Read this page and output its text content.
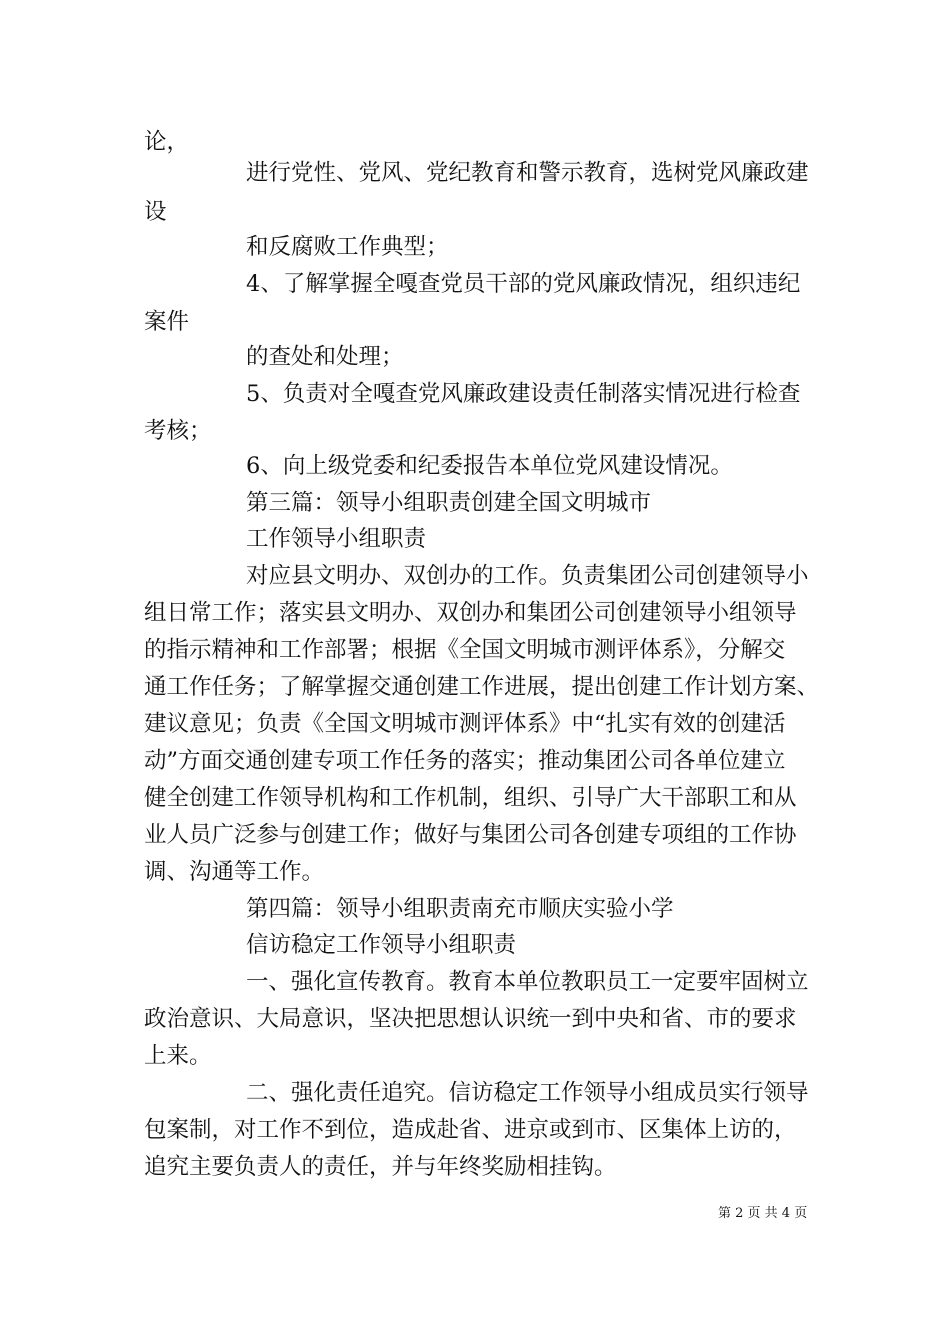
论，
进行党性、党风、党纪教育和警示教育，选树党风廉政建
设
和反腐败工作典型；
4、了解掌握全嘎查党员干部的党风廉政情况，组织违纪
案件
的查处和处理；
5、负责对全嘎查党风廉政建设责任制落实情况进行检查
考核；
6、向上级党委和纪委报告本单位党风建设情况。
第三篇：领导小组职责创建全国文明城市
工作领导小组职责
对应县文明办、双创办的工作。负责集团公司创建领导小
组日常工作；落实县文明办、双创办和集团公司创建领导小组领导
的指示精神和工作部署；根据《全国文明城市测评体系》，分解交
通工作任务；了解掌握交通创建工作进展，提出创建工作计划方案、
建议意见；负责《全国文明城市测评体系》中“扎实有效的创建活
动”方面交通创建专项工作任务的落实；推动集团公司各单位建立
健全创建工作领导机构和工作机制，组织、引导广大干部职工和从
业人员广泛参与创建工作；做好与集团公司各创建专项组的工作协
调、沟通等工作。
第四篇：领导小组职责南充市顺庆实验小学
信访稳定工作领导小组职责
一、强化宣传教育。教育本单位教职员工一定要牢固树立
政治意识、大局意识，坚决把思想认识统一到中央和省、市的要求
上来。
二、强化责任追究。信访稳定工作领导小组成员实行领导
包案制，对工作不到位，造成赴省、进京或到市、区集体上访的，
追究主要负责人的责任，并与年终奖励相挂钩。
第 2 页 共 4 页
